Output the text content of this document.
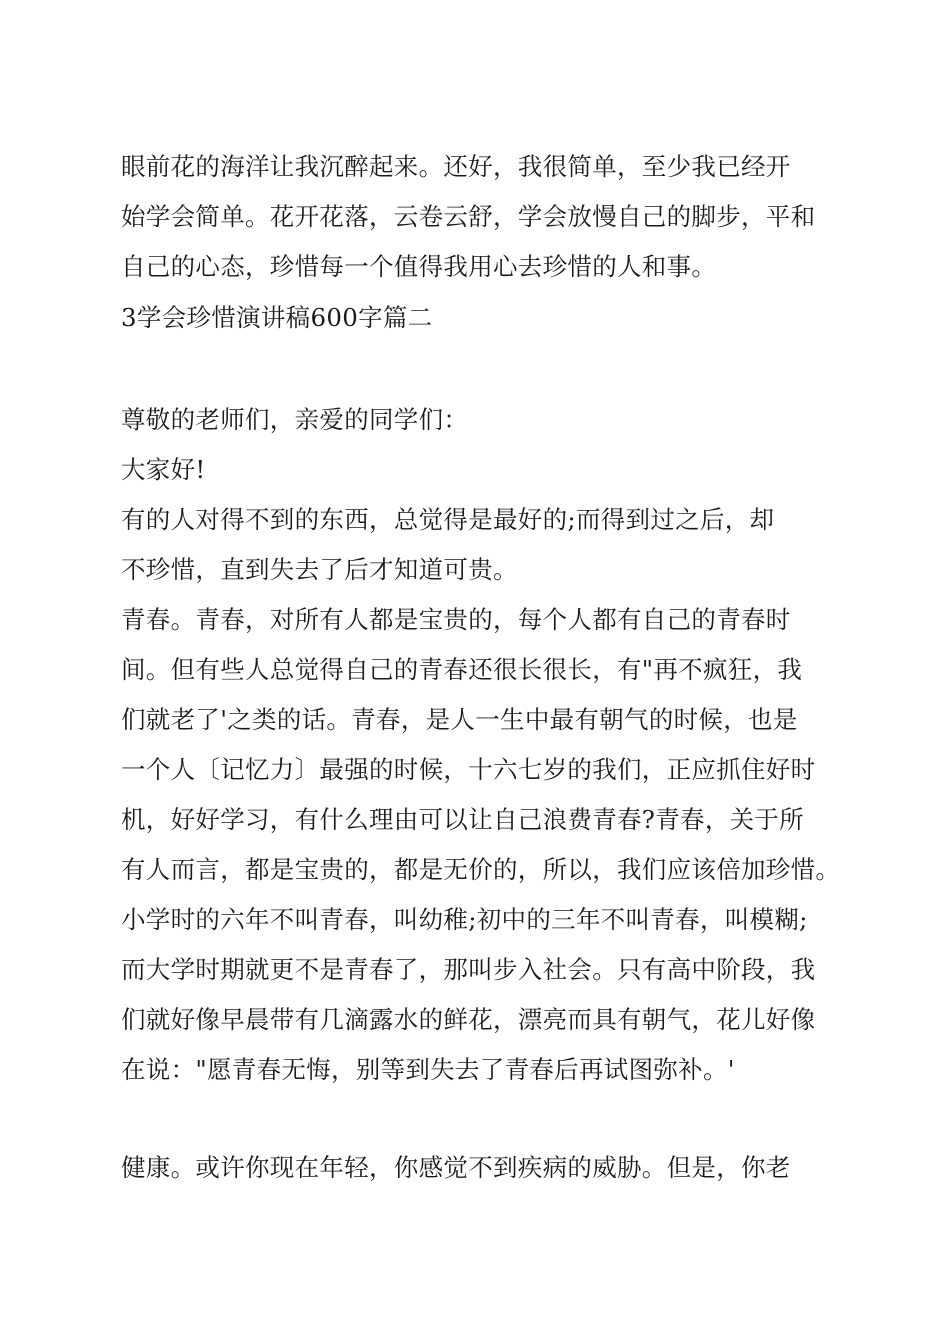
眼前花的海洋让我沉醉起来。还好，我很简单，至少我已经开
始学会简单。花开花落，云卷云舒，学会放慢自己的脚步，平和
自己的心态，珍惜每一个值得我用心去珍惜的人和事。
3学会珍惜演讲稿600字篇二
尊敬的老师们，亲爱的同学们：
大家好!
有的人对得不到的东西，总觉得是最好的;而得到过之后，却
不珍惜，直到失去了后才知道可贵。
青春。青春，对所有人都是宝贵的，每个人都有自己的青春时
间。但有些人总觉得自己的青春还很长很长，有"再不疯狂，我
们就老了'之类的话。青春，是人一生中最有朝气的时候，也是
一个人〔记忆力〕最强的时候，十六七岁的我们，正应抓住好时
机，好好学习，有什么理由可以让自己浪费青春?青春，关于所
有人而言，都是宝贵的，都是无价的，所以，我们应该倍加珍惜。
小学时的六年不叫青春，叫幼稚;初中的三年不叫青春，叫模糊;
而大学时期就更不是青春了，那叫步入社会。只有高中阶段，我
们就好像早晨带有几滴露水的鲜花，漂亮而具有朝气，花儿好像
在说："愿青春无悔，别等到失去了青春后再试图弥补。'
健康。或许你现在年轻，你感觉不到疾病的威胁。但是，你老
